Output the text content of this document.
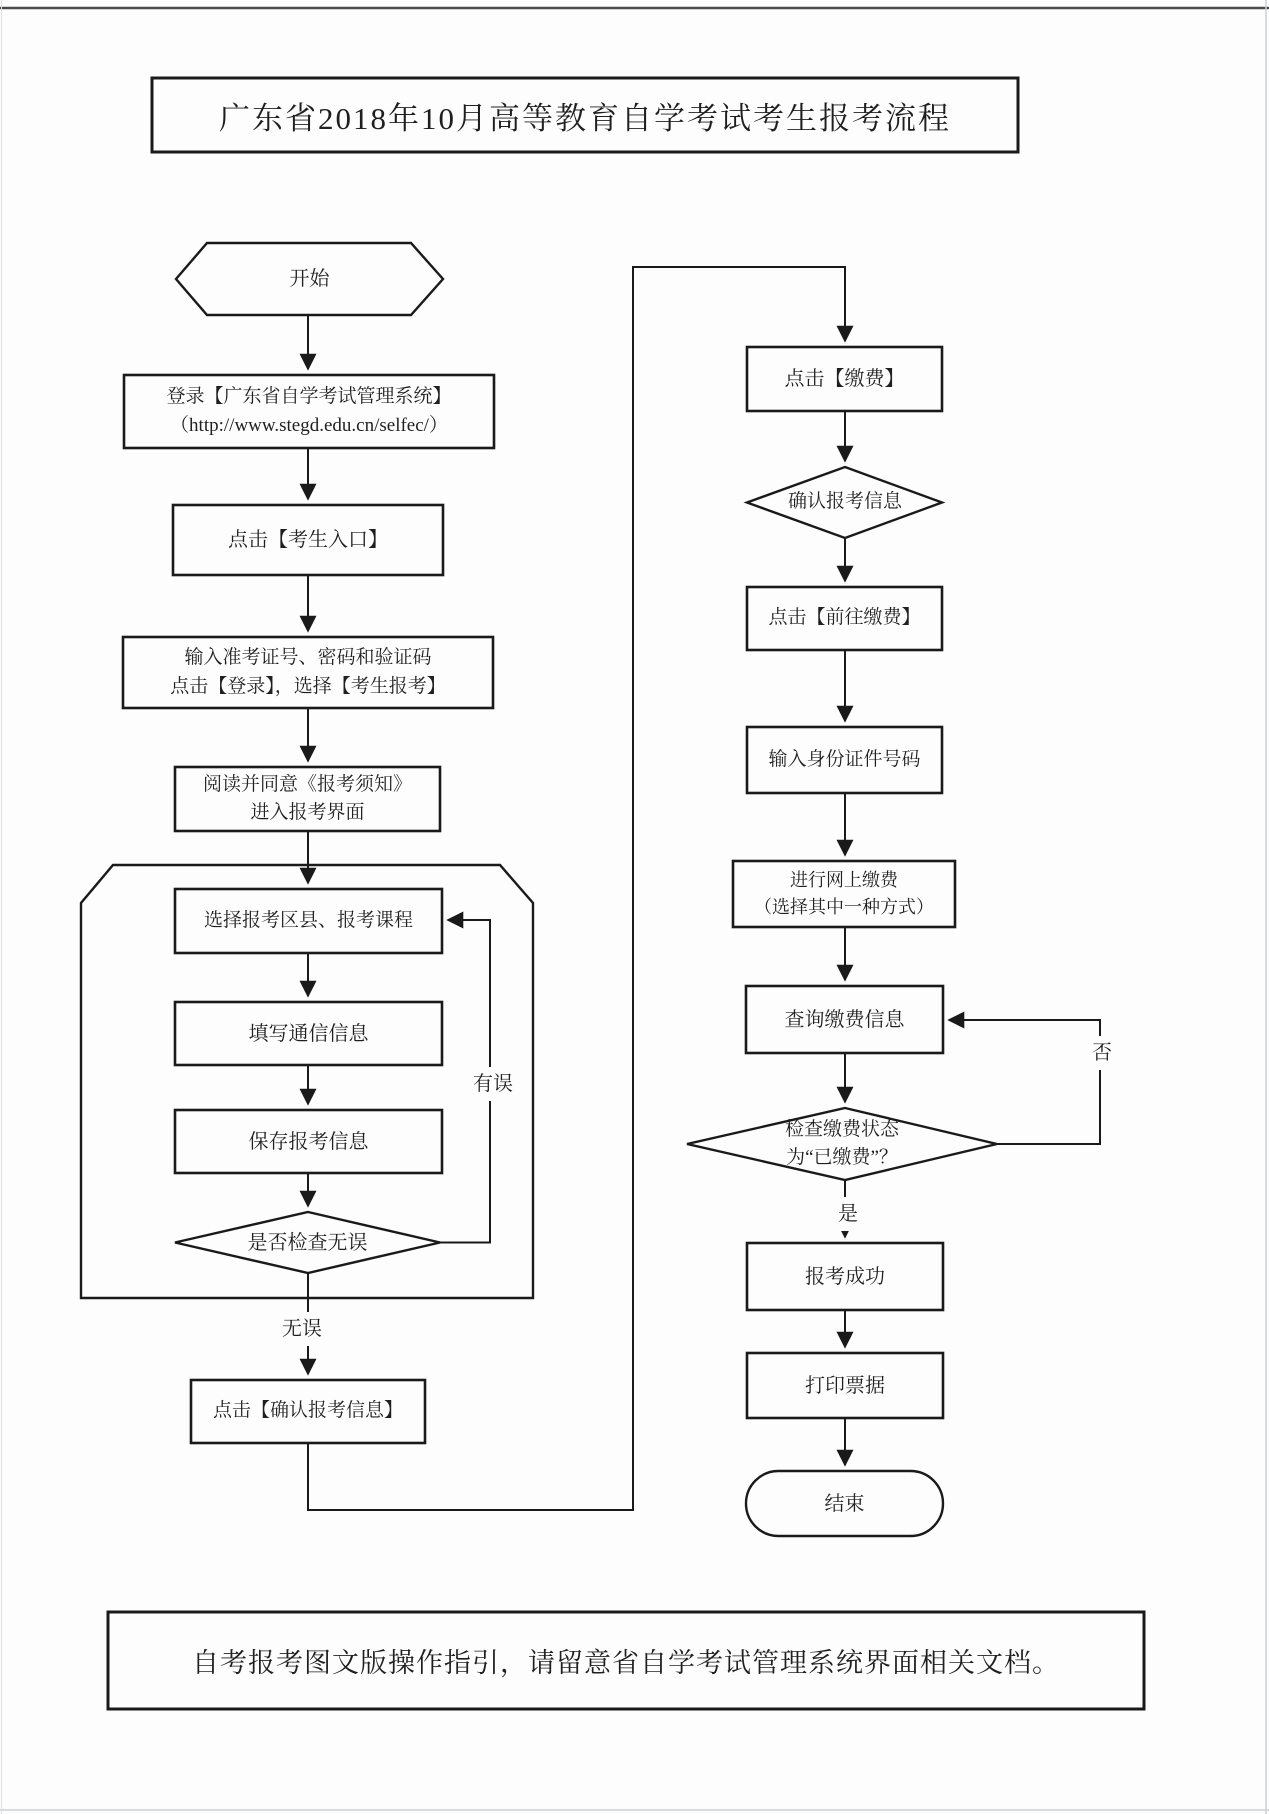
广东省2018年10月高等教育自学考试考生报考流程
自考报考图文版操作指引，请留意省自学考试管理系统界面相关文档。
开始
登录【广东省自学考试管理系统】
（http://www.stegd.edu.cn/selfec/）
点击【考生入口】
输入准考证号、密码和验证码
点击【登录】，选择【考生报考】
阅读并同意《报考须知》
进入报考界面
选择报考区县、报考课程
填写通信信息
保存报考信息
是否检查无误
点击【确认报考信息】
点击【缴费】
确认报考信息
点击【前往缴费】
输入身份证件号码
进行网上缴费
（选择其中一种方式）
查询缴费信息
检查缴费状态
为“已缴费”？
报考成功
打印票据
结束
有误
无误
是
否
